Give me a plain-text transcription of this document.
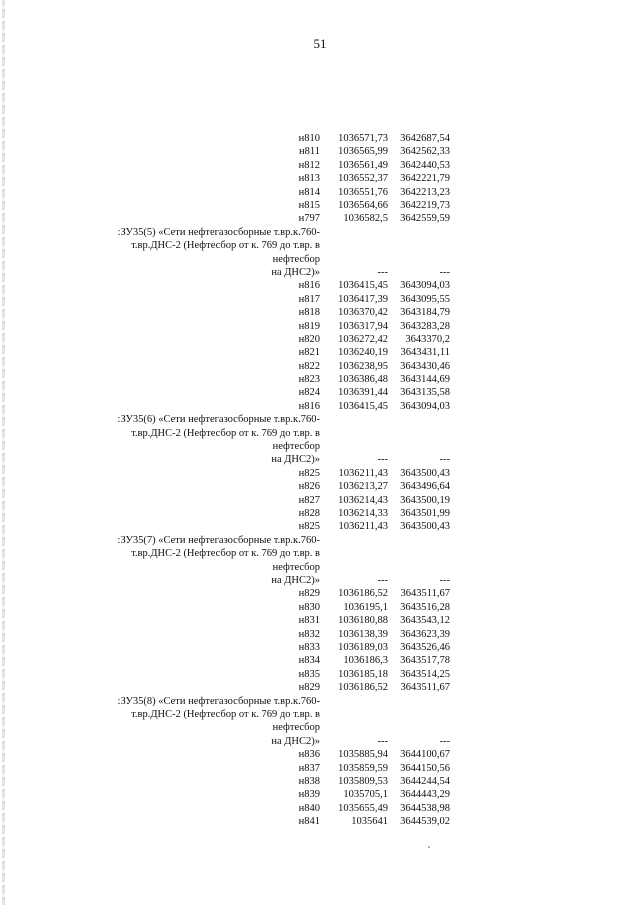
51
н810	1036571,73	3642687,54
н811	1036565,99	3642562,33
н812	1036561,49	3642440,53
н813	1036552,37	3642221,79
н814	1036551,76	3642213,23
н815	1036564,66	3642219,73
н797	1036582,5	3642559,59
:ЗУ35(5) «Сети нефтегазосборные т.вр.к.760-
т.вр.ДНС-2 (Нефтесбор от к. 769 до т.вр. в нефтесбор
на ДНС2)»	---	---
н816	1036415,45	3643094,03
н817	1036417,39	3643095,55
н818	1036370,42	3643184,79
н819	1036317,94	3643283,28
н820	1036272,42	3643370,2
н821	1036240,19	3643431,11
н822	1036238,95	3643430,46
н823	1036386,48	3643144,69
н824	1036391,44	3643135,58
н816	1036415,45	3643094,03
:ЗУ35(6) «Сети нефтегазосборные т.вр.к.760-
т.вр.ДНС-2 (Нефтесбор от к. 769 до т.вр. в нефтесбор
на ДНС2)»	---	---
н825	1036211,43	3643500,43
н826	1036213,27	3643496,64
н827	1036214,43	3643500,19
н828	1036214,33	3643501,99
н825	1036211,43	3643500,43
:ЗУ35(7) «Сети нефтегазосборные т.вр.к.760-
т.вр.ДНС-2 (Нефтесбор от к. 769 до т.вр. в нефтесбор
на ДНС2)»	---	---
н829	1036186,52	3643511,67
н830	1036195,1	3643516,28
н831	1036180,88	3643543,12
н832	1036138,39	3643623,39
н833	1036189,03	3643526,46
н834	1036186,3	3643517,78
н835	1036185,18	3643514,25
н829	1036186,52	3643511,67
:ЗУ35(8) «Сети нефтегазосборные т.вр.к.760-
т.вр.ДНС-2 (Нефтесбор от к. 769 до т.вр. в нефтесбор
на ДНС2)»	---	---
н836	1035885,94	3644100,67
н837	1035859,59	3644150,56
н838	1035809,53	3644244,54
н839	1035705,1	3644443,29
н840	1035655,49	3644538,98
н841	1035641	3644539,02
